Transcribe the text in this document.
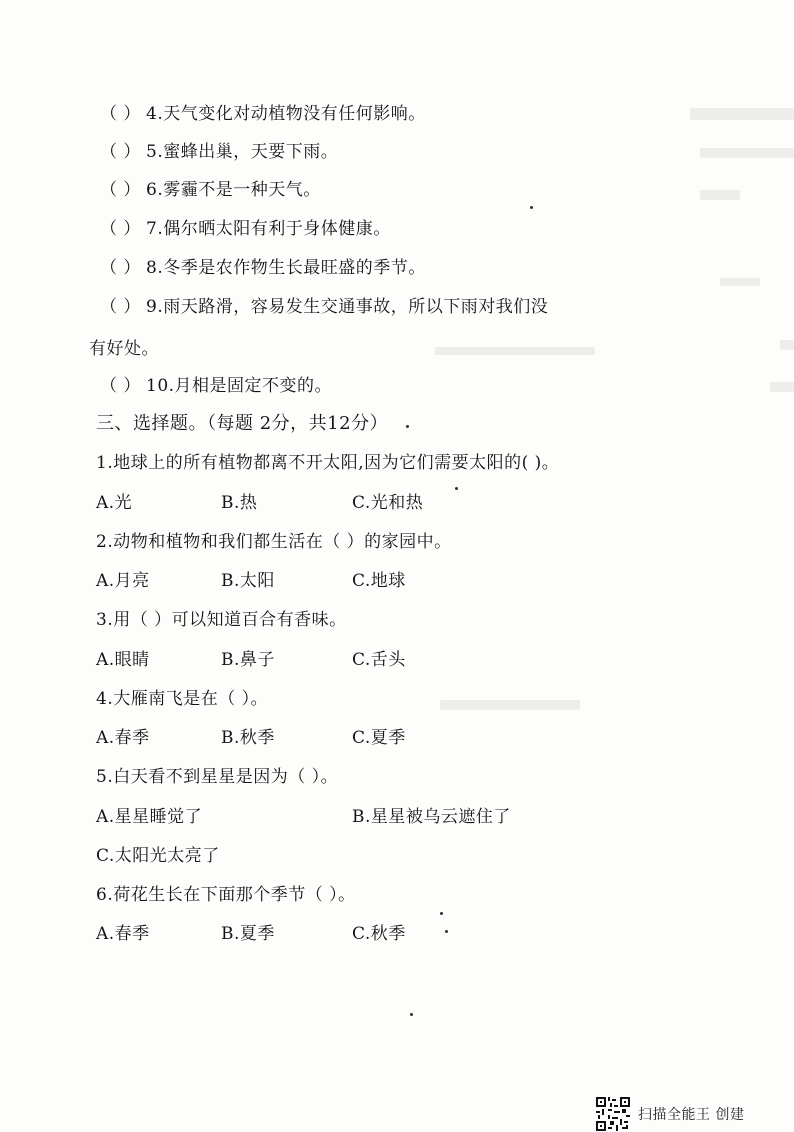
（ ） 4.天气变化对动植物没有任何影响。
（ ） 5.蜜蜂出巢，天要下雨。
（ ） 6.雾霾不是一种天气。
（ ） 7.偶尔晒太阳有利于身体健康。
（ ） 8.冬季是农作物生长最旺盛的季节。
（ ） 9.雨天路滑，容易发生交通事故，所以下雨对我们没
有好处。
（ ） 10.月相是固定不变的。
三、选择题。（每题 2分，共12分）
1.地球上的所有植物都离不开太阳,因为它们需要太阳的( )。
A.光	B.热	C.光和热
2.动物和植物和我们都生活在（ ）的家园中。
A.月亮	B.太阳	C.地球
3.用（ ）可以知道百合有香味。
A.眼睛	B.鼻子	C.舌头
4.大雁南飞是在（ ）。
A.春季	B.秋季	C.夏季
5.白天看不到星星是因为（ ）。
A.星星睡觉了	B.星星被乌云遮住了
C.太阳光太亮了
6.荷花生长在下面那个季节（ ）。
A.春季	B.夏季	C.秋季
扫描全能王 创建
